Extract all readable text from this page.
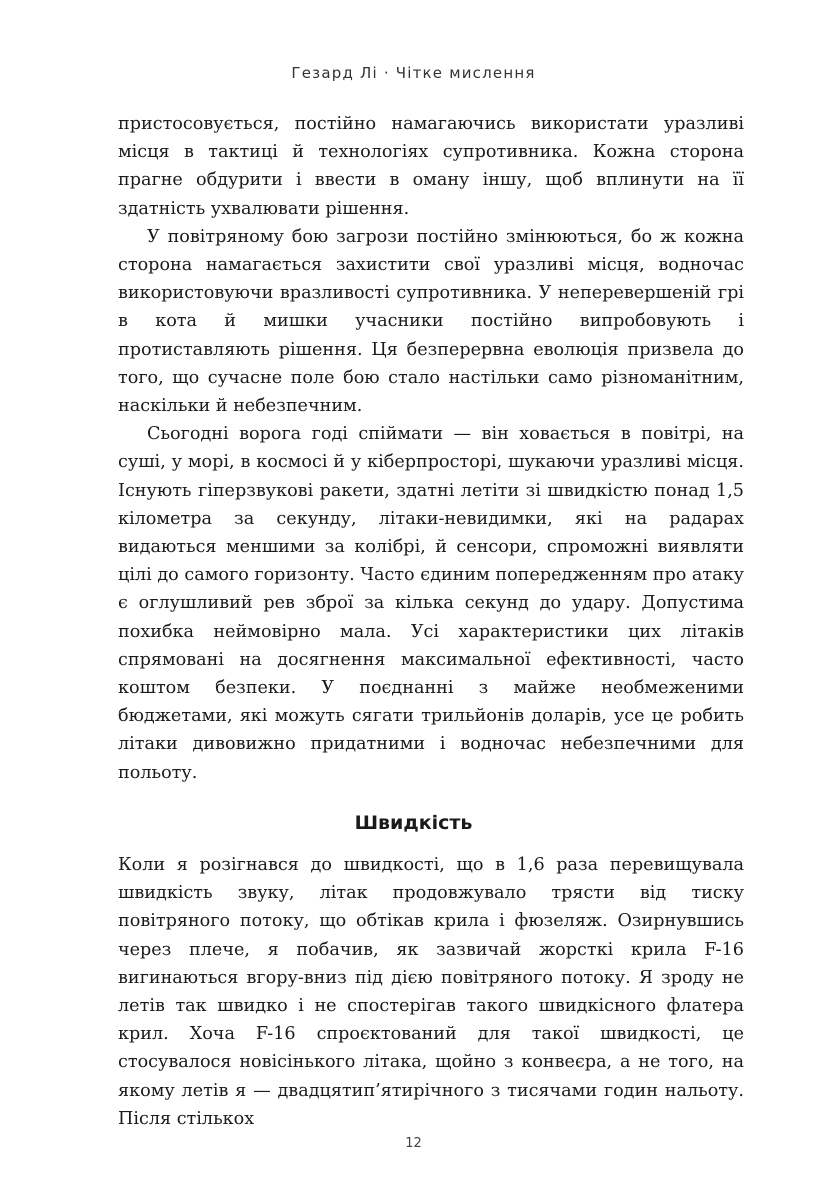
Гезард Лі · Чітке мислення

пристосовується, постійно намагаючись використати уразливі місця в тактиці й технологіях супротивника. Кожна сторона прагне обдурити і ввести в оману іншу, щоб вплинути на її здатність ухвалювати рішення.

У повітряному бою загрози постійно змінюються, бо ж кожна сторона намагається захистити свої уразливі місця, водночас використовуючи вразливості супротивника. У неперевершеній грі в кота й мишки учасники постійно випробовують і протиставляють рішення. Ця безперервна еволюція призвела до того, що сучасне поле бою стало настільки само різноманітним, наскільки й небезпечним.

Сьогодні ворога годі спіймати — він ховається в повітрі, на суші, у морі, в космосі й у кіберпросторі, шукаючи уразливі місця. Існують гіперзвукові ракети, здатні летіти зі швидкістю понад 1,5 кілометра за секунду, літаки-невидимки, які на радарах видаються меншими за колібрі, й сенсори, спроможні виявляти цілі до самого горизонту. Часто єдиним попередженням про атаку є оглушливий рев зброї за кілька секунд до удару. Допустима похибка неймовірно мала. Усі характеристики цих літаків спрямовані на досягнення максимальної ефективності, часто коштом безпеки. У поєднанні з майже необмеженими бюджетами, які можуть сягати трильйонів доларів, усе це робить літаки дивовижно придатними і водночас небезпечними для польоту.

Швидкість

Коли я розігнався до швидкості, що в 1,6 раза перевищувала швидкість звуку, літак продовжувало трясти від тиску повітряного потоку, що обтікав крила і фюзеляж. Озирнувшись через плече, я побачив, як зазвичай жорсткі крила F-16 вигинаються вгору-вниз під дією повітряного потоку. Я зроду не летів так швидко і не спостерігав такого швидкісного флатера крил. Хоча F-16 спроєктований для такої швидкості, це стосувалося новісінького літака, щойно з конвеєра, а не того, на якому летів я — двадцятип’ятирічного з тисячами годин нальоту. Після стількох

12
